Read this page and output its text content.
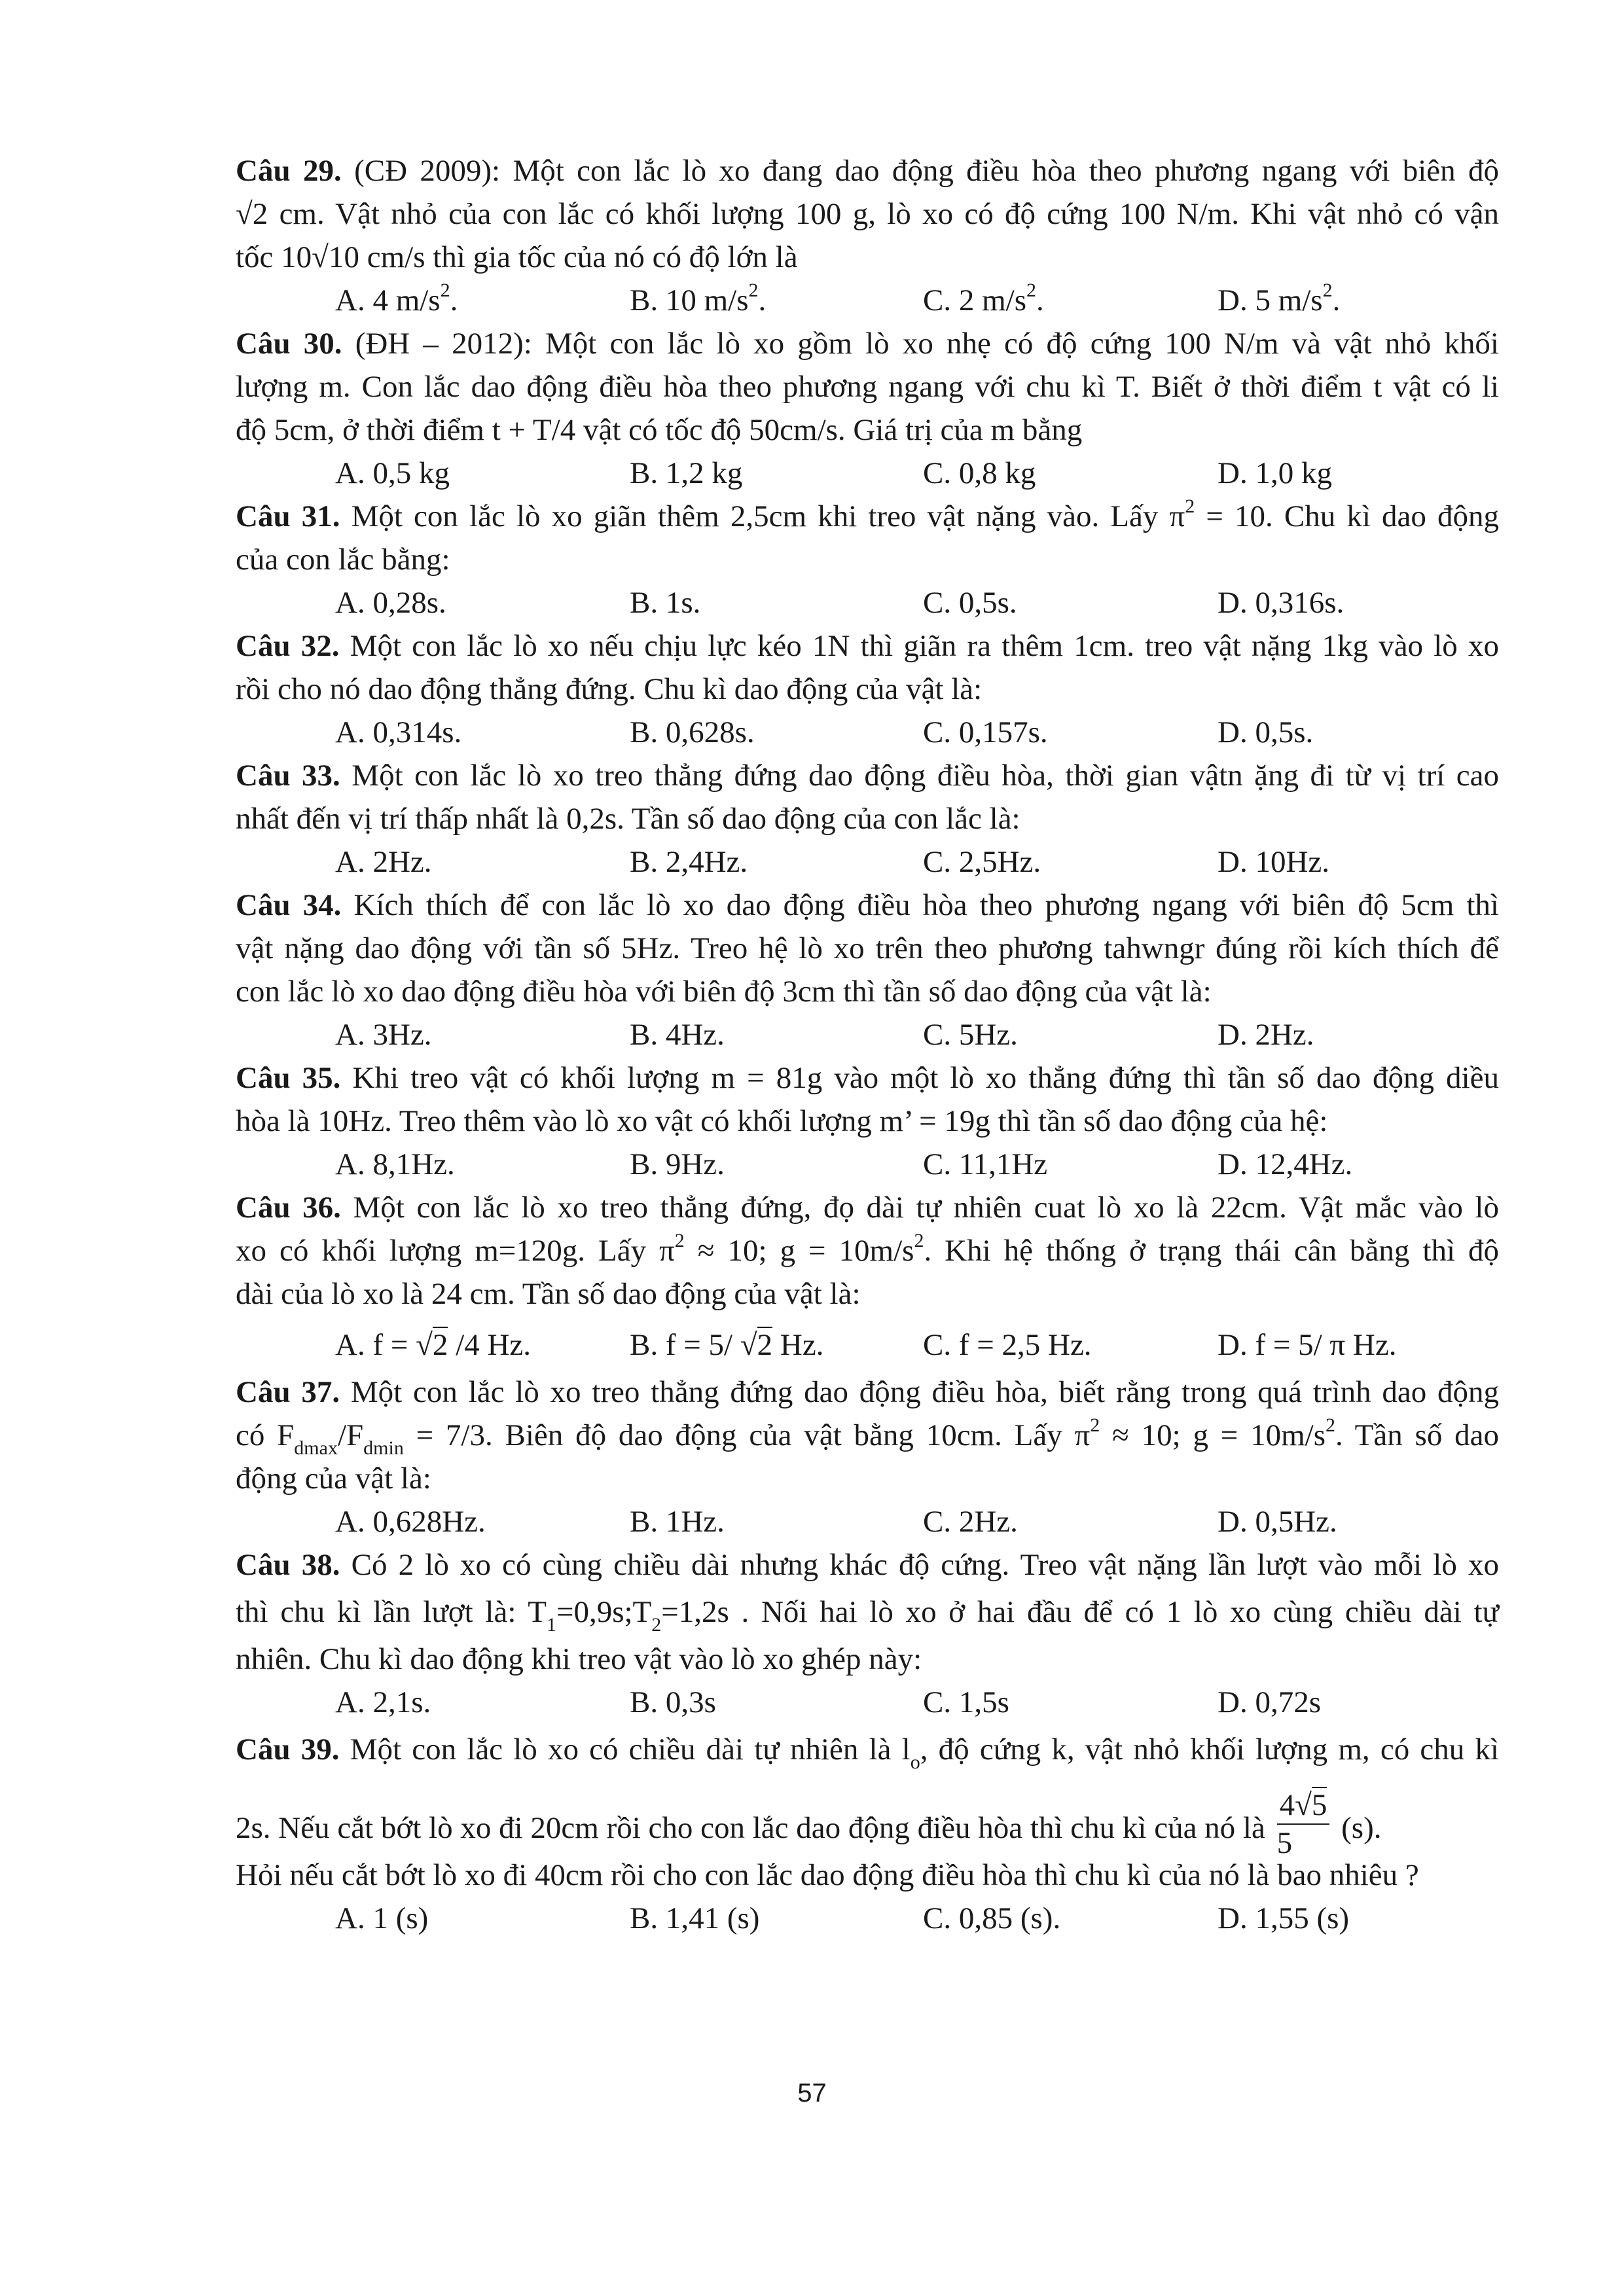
Câu 29. (CĐ 2009): Một con lắc lò xo đang dao động điều hòa theo phương ngang với biên độ
√2 cm. Vật nhỏ của con lắc có khối lượng 100 g, lò xo có độ cứng 100 N/m. Khi vật nhỏ có vận
tốc 10√10 cm/s thì gia tốc của nó có độ lớn là
A. 4 $m/s^2$.	B. 10 $m/s^2$.	C. 2 $m/s^2$.	D. 5 $m/s^2$.
Câu 30. (ĐH – 2012): Một con lắc lò xo gồm lò xo nhẹ có độ cứng 100 N/m và vật nhỏ khối
lượng m. Con lắc dao động điều hòa theo phương ngang với chu kì T. Biết ở thời điểm t vật có li
độ 5cm, ở thời điểm t + T/4 vật có tốc độ 50cm/s. Giá trị của m bằng
A. 0,5 kg	B. 1,2 kg	C. 0,8 kg	D. 1,0 kg
Câu 31. Một con lắc lò xo giãn thêm 2,5cm khi treo vật nặng vào. Lấy $\pi^2 = 10$. Chu kì dao động
của con lắc bằng:
A. 0,28s.	B. 1s.	C. 0,5s.	D. 0,316s.
Câu 32. Một con lắc lò xo nếu chịu lực kéo 1N thì giãn ra thêm 1cm. treo vật nặng 1kg vào lò xo
rồi cho nó dao động thẳng đứng. Chu kì dao động của vật là:
A. 0,314s.	B. 0,628s.	C. 0,157s.	D. 0,5s.
Câu 33. Một con lắc lò xo treo thẳng đứng dao động điều hòa, thời gian vậtn ặng đi từ vị trí cao
nhất đến vị trí thấp nhất là 0,2s. Tần số dao động của con lắc là:
A. 2Hz.	B. 2,4Hz.	C. 2,5Hz.	D. 10Hz.
Câu 34. Kích thích để con lắc lò xo dao động điều hòa theo phương ngang với biên độ 5cm thì
vật nặng dao động với tần số 5Hz. Treo hệ lò xo trên theo phương tahwngr đúng rồi kích thích để
con lắc lò xo dao động điều hòa với biên độ 3cm thì tần số dao động của vật là:
A. 3Hz.	B. 4Hz.	C. 5Hz.	D. 2Hz.
Câu 35. Khi treo vật có khối lượng m = 81g vào một lò xo thẳng đứng thì tần số dao động diều
hòa là 10Hz. Treo thêm vào lò xo vật có khối lượng m’ = 19g thì tần số dao động của hệ:
A. 8,1Hz.	B. 9Hz.	C. 11,1Hz	D. 12,4Hz.
Câu 36. Một con lắc lò xo treo thẳng đứng, đọ dài tự nhiên cuat lò xo là 22cm. Vật mắc vào lò
xo có khối lượng m=120g. Lấy $\pi^2 \approx 10$; $g = 10m/s^2$. Khi hệ thống ở trạng thái cân bằng thì độ
dài của lò xo là 24 cm. Tần số dao động của vật là:
A. f = √2 /4 Hz.	B. f = 5/ √2 Hz.	C. f = 2,5 Hz.	D. f = 5/ π Hz.
Câu 37. Một con lắc lò xo treo thẳng đứng dao động điều hòa, biết rằng trong quá trình dao động
có $F_{dmax}/F_{dmin} = 7/3$. Biên độ dao động của vật bằng 10cm. Lấy $\pi^2 \approx 10$; $g = 10m/s^2$. Tần số dao
động của vật là:
A. 0,628Hz.	B. 1Hz.	C. 2Hz.	D. 0,5Hz.
Câu 38. Có 2 lò xo có cùng chiều dài nhưng khác độ cứng. Treo vật nặng lần lượt vào mỗi lò xo
thì chu kì lần lượt là: $T_1=0,9s;T_2=1,2s$ . Nối hai lò xo ở hai đầu để có 1 lò xo cùng chiều dài tự
nhiên. Chu kì dao động khi treo vật vào lò xo ghép này:
A. 2,1s.	B. 0,3s	C. 1,5s	D. 0,72s
Câu 39. Một con lắc lò xo có chiều dài tự nhiên là $l_o$, độ cứng k, vật nhỏ khối lượng m, có chu kì
2s. Nếu cắt bớt lò xo đi 20cm rồi cho con lắc dao động điều hòa thì chu kì của nó là $\frac{4√5}{5} (s)$.
Hỏi nếu cắt bớt lò xo đi 40cm rồi cho con lắc dao động điều hòa thì chu kì của nó là bao nhiêu ?
A. 1 (s)	B. 1,41 (s)	C. 0,85 (s).	D. 1,55 (s)
57
